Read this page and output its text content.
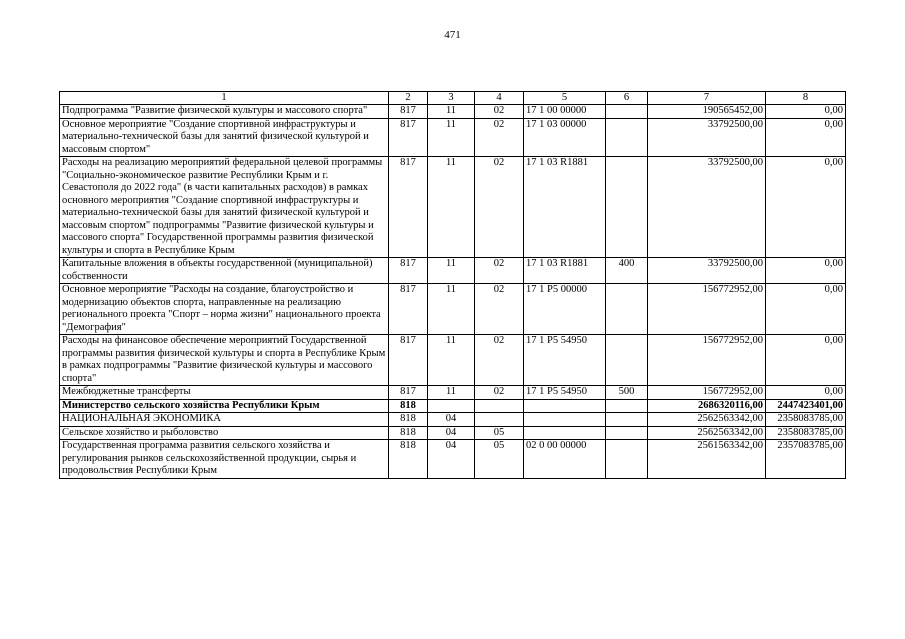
471
1	2	3	4	5	6	7	8
Подпрограмма "Развитие физической культуры и массового спорта"	817	11	02	17 1 00 00000		190565452,00	0,00
Основное мероприятие "Создание спортивной инфраструктуры и материально-технической базы для занятий физической культурой и массовым спортом"	817	11	02	17 1 03 00000		33792500,00	0,00
Расходы на реализацию мероприятий федеральной целевой программы "Социально-экономическое развитие Республики Крым и г. Севастополя до 2022 года" (в части капитальных расходов) в рамках основного мероприятия "Создание спортивной инфраструктуры и материально-технической базы для занятий физической культурой и массовым спортом" подпрограммы "Развитие физической культуры и массового спорта" Государственной программы развития физической культуры и спорта в Республике Крым	817	11	02	17 1 03 R1881		33792500,00	0,00
Капитальные вложения в объекты государственной (муниципальной) собственности	817	11	02	17 1 03 R1881	400	33792500,00	0,00
Основное мероприятие "Расходы на создание, благоустройство и модернизацию объектов спорта, направленные на реализацию регионального проекта "Спорт – норма жизни" национального проекта "Демография"	817	11	02	17 1 P5 00000		156772952,00	0,00
Расходы на финансовое обеспечение мероприятий Государственной программы развития физической культуры и спорта в Республике Крым в рамках подпрограммы "Развитие физической культуры и массового спорта"	817	11	02	17 1 P5 54950		156772952,00	0,00
Межбюджетные трансферты	817	11	02	17 1 P5 54950	500	156772952,00	0,00
Министерство сельского хозяйства Республики Крым	818					2686320116,00	2447423401,00
НАЦИОНАЛЬНАЯ ЭКОНОМИКА	818	04				2562563342,00	2358083785,00
Сельское хозяйство и рыболовство	818	04	05			2562563342,00	2358083785,00
Государственная программа развития сельского хозяйства и регулирования рынков сельскохозяйственной продукции, сырья и продовольствия Республики Крым	818	04	05	02 0 00 00000		2561563342,00	2357083785,00
